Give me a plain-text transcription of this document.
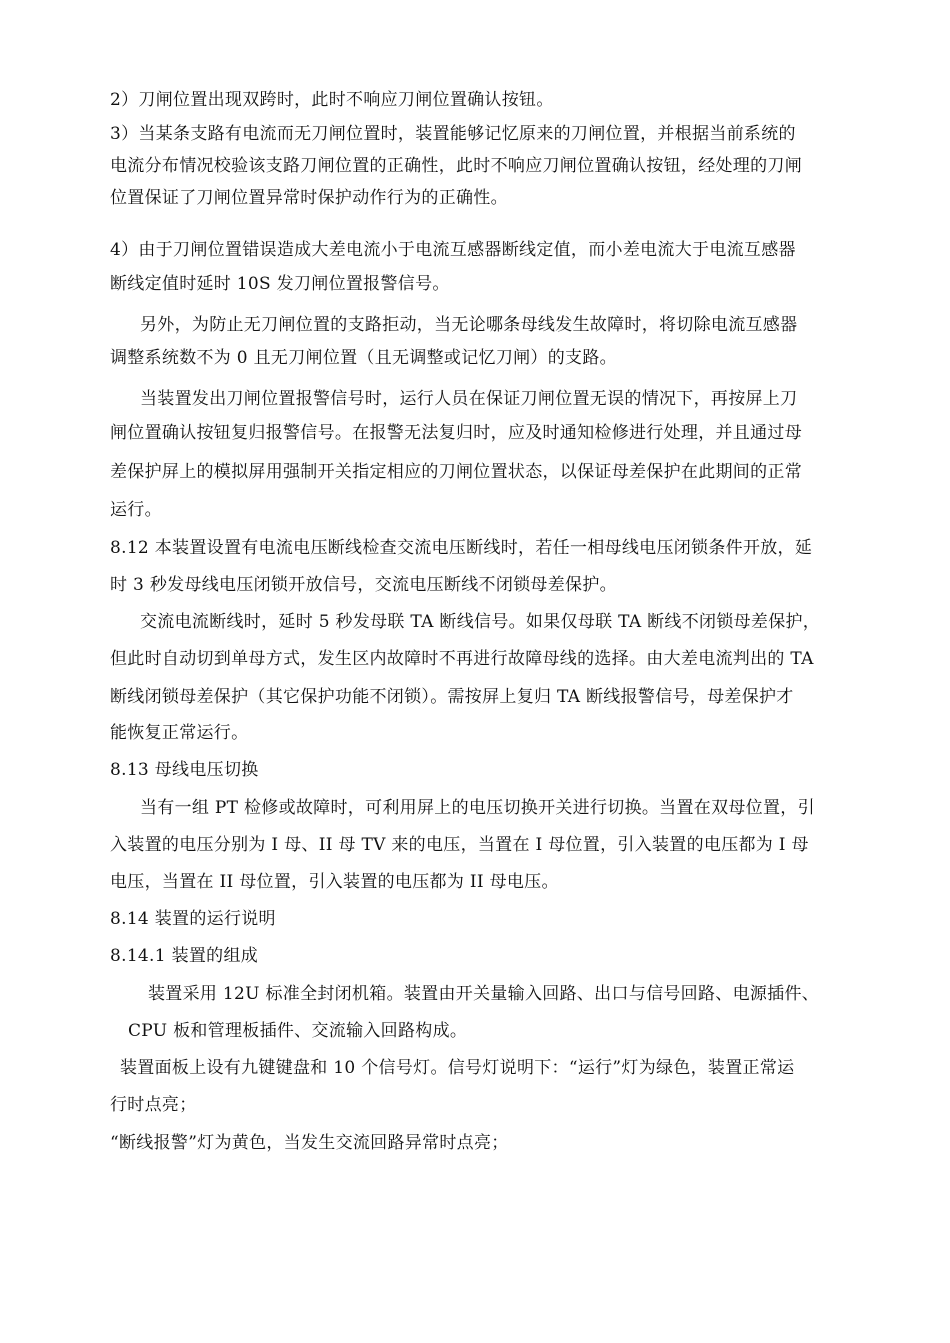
2）刀闸位置出现双跨时，此时不响应刀闸位置确认按钮。
3）当某条支路有电流而无刀闸位置时，装置能够记忆原来的刀闸位置，并根据当前系统的
电流分布情况校验该支路刀闸位置的正确性，此时不响应刀闸位置确认按钮，经处理的刀闸
位置保证了刀闸位置异常时保护动作行为的正确性。
4）由于刀闸位置错误造成大差电流小于电流互感器断线定值，而小差电流大于电流互感器
断线定值时延时 10S 发刀闸位置报警信号。
另外，为防止无刀闸位置的支路拒动，当无论哪条母线发生故障时，将切除电流互感器
调整系统数不为 0 且无刀闸位置（且无调整或记忆刀闸）的支路。
当装置发出刀闸位置报警信号时，运行人员在保证刀闸位置无误的情况下，再按屏上刀
闸位置确认按钮复归报警信号。在报警无法复归时，应及时通知检修进行处理，并且通过母
差保护屏上的模拟屏用强制开关指定相应的刀闸位置状态，以保证母差保护在此期间的正常
运行。
8.12 本装置设置有电流电压断线检查交流电压断线时，若任一相母线电压闭锁条件开放，延
时 3 秒发母线电压闭锁开放信号，交流电压断线不闭锁母差保护。
交流电流断线时，延时 5 秒发母联 TA 断线信号。如果仅母联 TA 断线不闭锁母差保护，
但此时自动切到单母方式，发生区内故障时不再进行故障母线的选择。由大差电流判出的 TA
断线闭锁母差保护（其它保护功能不闭锁）。需按屏上复归 TA 断线报警信号，母差保护才
能恢复正常运行。
8.13 母线电压切换
当有一组 PT 检修或故障时，可利用屏上的电压切换开关进行切换。当置在双母位置，引
入装置的电压分别为 I 母、II 母 TV 来的电压，当置在 I 母位置，引入装置的电压都为 I 母
电压，当置在 II 母位置，引入装置的电压都为 II 母电压。
8.14 装置的运行说明
8.14.1 装置的组成
装置采用 12U 标准全封闭机箱。装置由开关量输入回路、出口与信号回路、电源插件、
CPU 板和管理板插件、交流输入回路构成。
装置面板上设有九键键盘和 10 个信号灯。信号灯说明下：“运行”灯为绿色，装置正常运
行时点亮；
“断线报警”灯为黄色，当发生交流回路异常时点亮；
